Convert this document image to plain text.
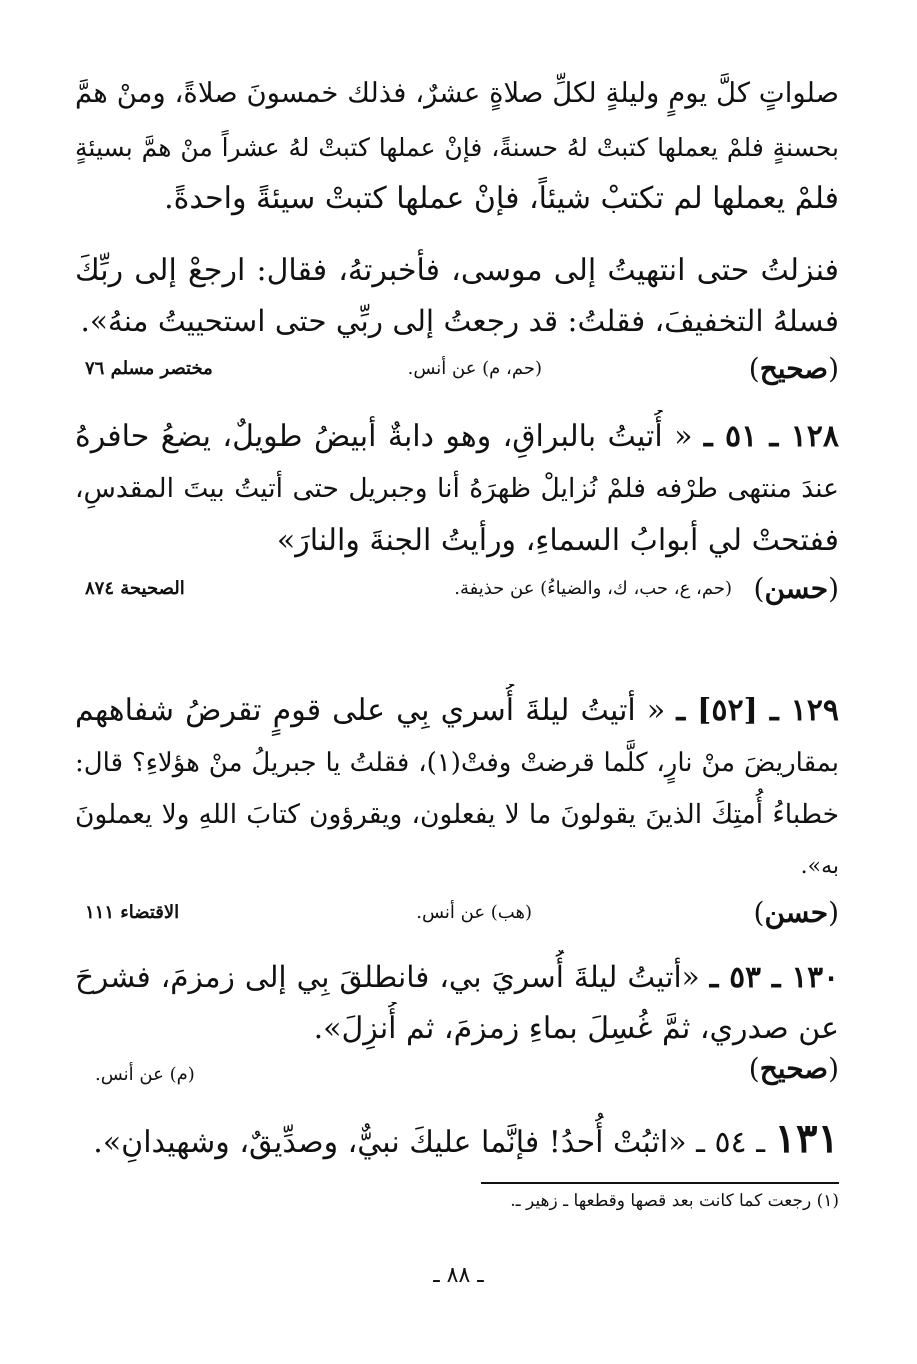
صلواتٍ كلَّ يومٍ وليلةٍ لكلِّ صلاةٍ عشرٌ، فذلك خمسونَ صلاةً، ومنْ همَّ
بحسنةٍ فلمْ يعملها كتبتْ لهُ حسنةً، فإنْ عملها كتبتْ لهُ عشراً منْ همَّ بسيئةٍ
فلمْ يعملها لم تكتبْ شيئاً، فإنْ عملها كتبتْ سيئةً واحدةً.
فنزلتُ حتى انتهيتُ إلى موسى، فأخبرتهُ، فقال: ارجعْ إلى ربِّكَ
فسلهُ التخفيفَ، فقلتُ: قد رجعتُ إلى ربِّي حتى استحييتُ منهُ».
(صحيح)
(حم، م) عن أنس.
مختصر مسلم ٧٦
١٢٨ ـ ٥١ ـ « أُتيتُ بالبراقِ، وهو دابةٌ أبيضُ طويلٌ، يضعُ حافرهُ
عندَ منتهى طرْفه فلمْ نُزايلْ ظهرَهُ أنا وجبريل حتى أتيتُ بيتَ المقدسِ،
ففتحتْ لي أبوابُ السماءِ، ورأيتُ الجنةَ والنارَ»
(حسن)
(حم، ع، حب، ك، والضياءُ) عن حذيفة.
الصحيحة ٨٧٤
١٢٩ ـ [٥٢] ـ « أتيتُ ليلةَ أُسري بِي على قومٍ تقرضُ شفاههم
بمقاريضَ منْ نارٍ، كلَّما قرضتْ وفتْ(١)، فقلتُ يا جبريلُ منْ هؤلاءِ؟ قال:
خطباءُ أُمتِكَ الذينَ يقولونَ ما لا يفعلون، ويقرؤون كتابَ اللهِ ولا يعملونَ
به».
(حسن)
(هب) عن أنس.
الاقتضاء ١١١
١٣٠ ـ ٥٣ ـ «أتيتُ ليلةَ أُسريَ بي، فانطلقَ بِي إلى زمزمَ، فشرحَ
عن صدري، ثمَّ غُسِلَ بماءِ زمزمَ، ثم أُنزِلَ».
(صحيح)
(م) عن أنس.
١٣١ ـ ٥٤ ـ «اثبُتْ أُحدُ! فإنَّما عليكَ نبيٌّ، وصدِّيقٌ، وشهيدانِ».
(١) رجعت كما كانت بعد قصها وقطعها ـ زهير ـ.
ـ ٨٨ ـ
